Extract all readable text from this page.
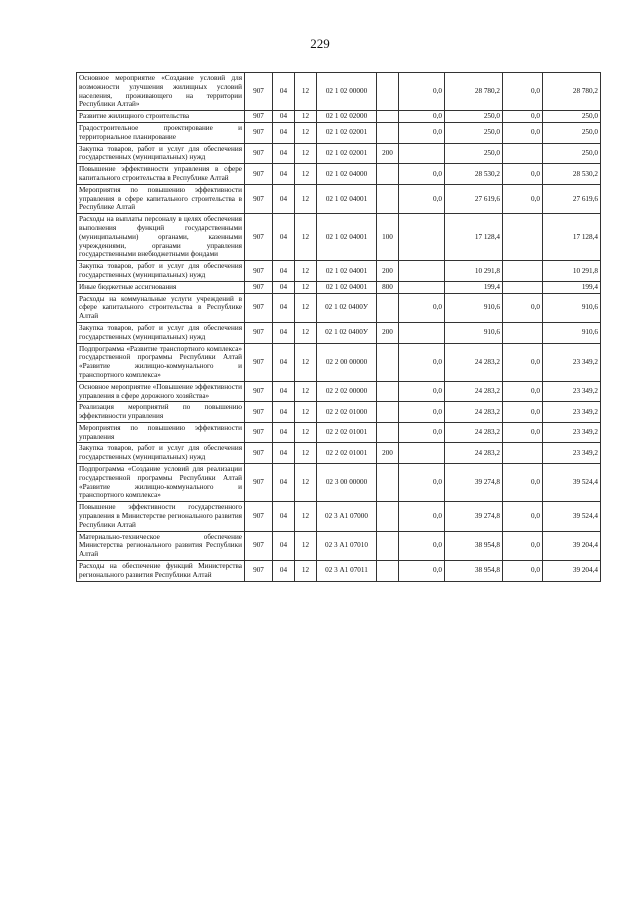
229
Основное мероприятие «Создание условий для возможности улучшения жилищных условий населения, проживающего на территории Республики Алтай»	907	04	12	02 1 02 00000		0,0	28 780,2	0,0	28 780,2
Развитие жилищного строительства	907	04	12	02 1 02 02000		0,0	250,0	0,0	250,0
Градостроительное проектирование и территориальное планирование	907	04	12	02 1 02 02001		0,0	250,0	0,0	250,0
Закупка товаров, работ и услуг для обеспечения государственных (муниципальных) нужд	907	04	12	02 1 02 02001	200		250,0		250,0
Повышение эффективности управления в сфере капитального строительства в Республике Алтай	907	04	12	02 1 02 04000		0,0	28 530,2	0,0	28 530,2
Мероприятия по повышению эффективности управления в сфере капитального строительства в Республике Алтай	907	04	12	02 1 02 04001		0,0	27 619,6	0,0	27 619,6
Расходы на выплаты персоналу в целях обеспечения выполнения функций государственными (муниципальными) органами, казенными учреждениями, органами управления государственными внебюджетными фондами	907	04	12	02 1 02 04001	100		17 128,4		17 128,4
Закупка товаров, работ и услуг для обеспечения государственных (муниципальных) нужд	907	04	12	02 1 02 04001	200		10 291,8		10 291,8
Иные бюджетные ассигнования	907	04	12	02 1 02 04001	800		199,4		199,4
Расходы на коммунальные услуги учреждений в сфере капитального строительства в Республике Алтай	907	04	12	02 1 02 0400У		0,0	910,6	0,0	910,6
Закупка товаров, работ и услуг для обеспечения государственных (муниципальных) нужд	907	04	12	02 1 02 0400У	200		910,6		910,6
Подпрограмма «Развитие транспортного комплекса» государственной программы Республики Алтай «Развитие жилищно-коммунального и транспортного комплекса»	907	04	12	02 2 00 00000		0,0	24 283,2	0,0	23 349,2
Основное мероприятие «Повышение эффективности управления в сфере дорожного хозяйства»	907	04	12	02 2 02 00000		0,0	24 283,2	0,0	23 349,2
Реализация мероприятий по повышению эффективности управления	907	04	12	02 2 02 01000		0,0	24 283,2	0,0	23 349,2
Мероприятия по повышению эффективности управления	907	04	12	02 2 02 01001		0,0	24 283,2	0,0	23 349,2
Закупка товаров, работ и услуг для обеспечения государственных (муниципальных) нужд	907	04	12	02 2 02 01001	200		24 283,2		23 349,2
Подпрограмма «Создание условий для реализации государственной программы Республики Алтай «Развитие жилищно-коммунального и транспортного комплекса»	907	04	12	02 3 00 00000		0,0	39 274,8	0,0	39 524,4
Повышение эффективности государственного управления в Министерстве регионального развития Республики Алтай	907	04	12	02 3 А1 07000		0,0	39 274,8	0,0	39 524,4
Материально-техническое обеспечение Министерства регионального развития Республики Алтай	907	04	12	02 3 А1 07010		0,0	38 954,8	0,0	39 204,4
Расходы на обеспечение функций Министерства регионального развития Республики Алтай	907	04	12	02 3 А1 07011		0,0	38 954,8	0,0	39 204,4
